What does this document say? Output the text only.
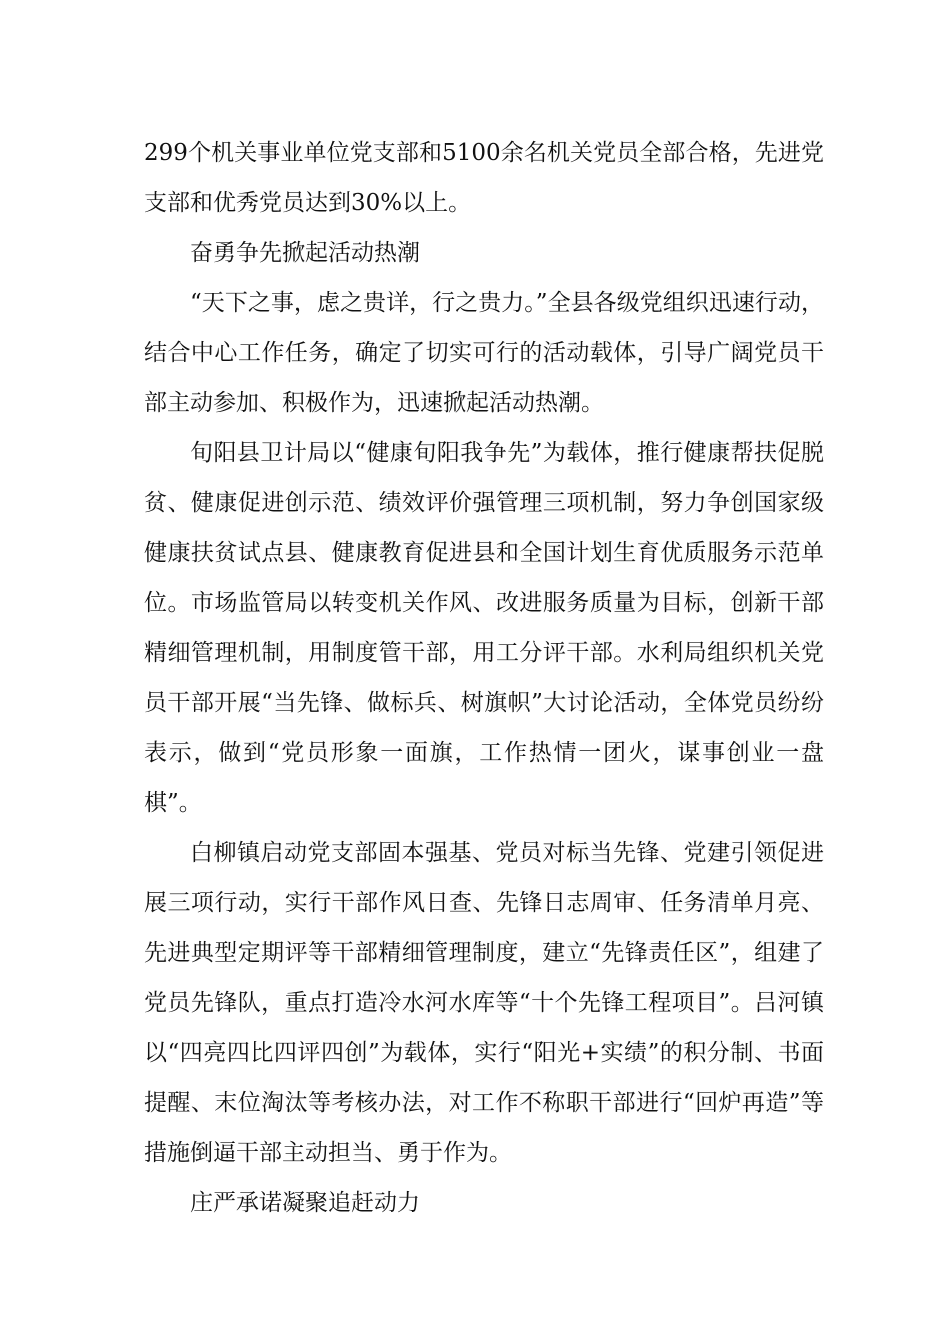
299个机关事业单位党支部和5100余名机关党员全部合格，先进党支部和优秀党员达到30%以上。

奋勇争先掀起活动热潮

“天下之事，虑之贵详，行之贵力。”全县各级党组织迅速行动，结合中心工作任务，确定了切实可行的活动载体，引导广阔党员干部主动参加、积极作为，迅速掀起活动热潮。

旬阳县卫计局以“健康旬阳我争先”为载体，推行健康帮扶促脱贫、健康促进创示范、绩效评价强管理三项机制，努力争创国家级健康扶贫试点县、健康教育促进县和全国计划生育优质服务示范单位。市场监管局以转变机关作风、改进服务质量为目标，创新干部精细管理机制，用制度管干部，用工分评干部。水利局组织机关党员干部开展“当先锋、做标兵、树旗帜”大讨论活动，全体党员纷纷表示，做到“党员形象一面旗，工作热情一团火，谋事创业一盘棋”。

白柳镇启动党支部固本强基、党员对标当先锋、党建引领促进展三项行动，实行干部作风日查、先锋日志周审、任务清单月亮、先进典型定期评等干部精细管理制度，建立“先锋责任区”，组建了党员先锋队，重点打造冷水河水库等“十个先锋工程项目”。吕河镇以“四亮四比四评四创”为载体，实行“阳光+实绩”的积分制、书面提醒、末位淘汰等考核办法，对工作不称职干部进行“回炉再造”等措施倒逼干部主动担当、勇于作为。

庄严承诺凝聚追赶动力
